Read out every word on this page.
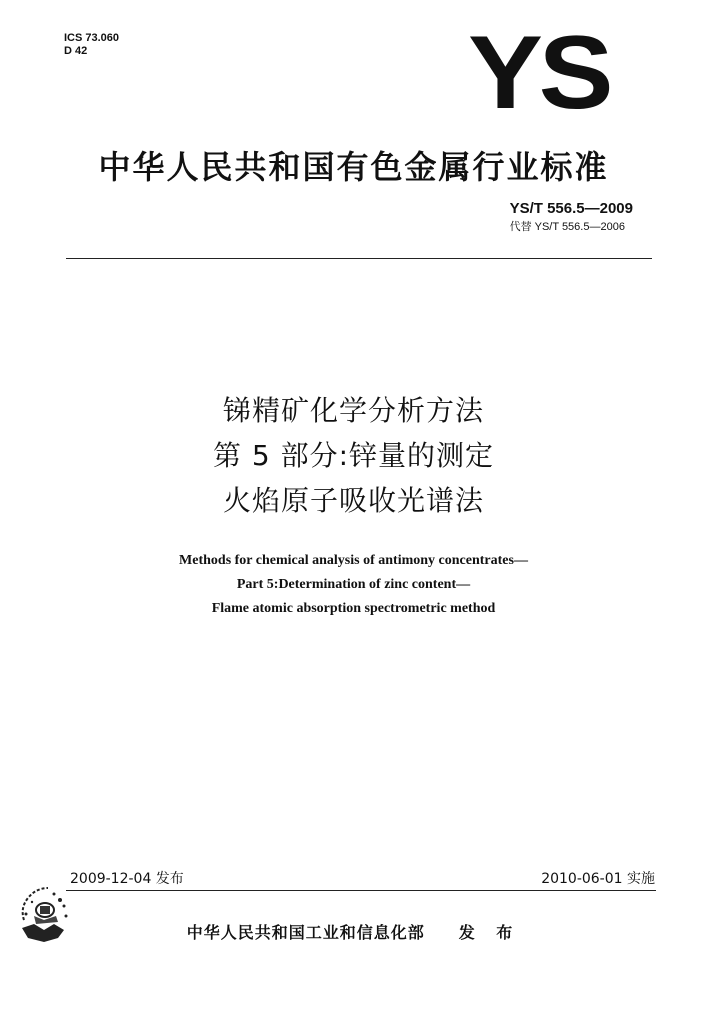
ICS 73.060
D 42	YS
中华人民共和国有色金属行业标准
YS/T 556.5—2009
代替 YS/T 556.5—2006
锑精矿化学分析方法
第 5 部分:锌量的测定
火焰原子吸收光谱法
Methods for chemical analysis of antimony concentrates—
Part 5:Determination of zinc content—
Flame atomic absorption spectrometric method
2009-12-04 发布	2010-06-01 实施
中华人民共和国工业和信息化部 发 布
